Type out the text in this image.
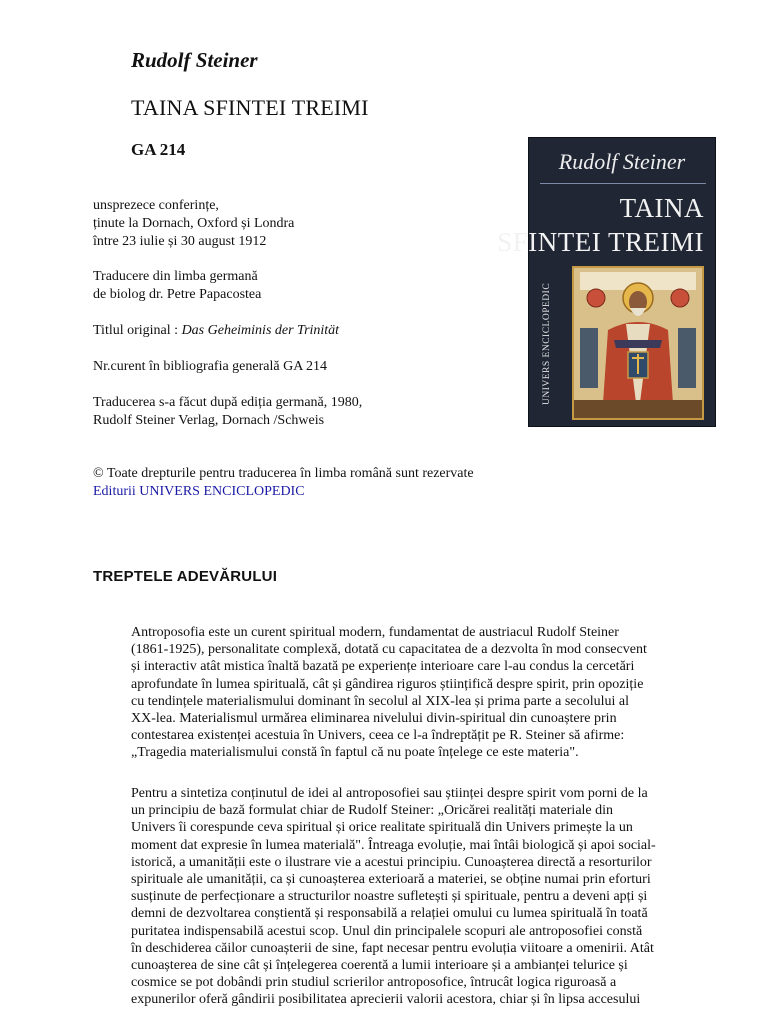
Rudolf Steiner
TAINA SFINTEI TREIMI
GA 214
unsprezece conferințe,
ținute la Dornach, Oxford și Londra
între 23 iulie și 30 august 1912
Traducere din limba germană
de biolog dr. Petre Papacostea
Titlul original : Das Geheiminis der Trinität
Nr.curent în bibliografia generală GA 214
Traducerea s-a făcut după ediția germană, 1980,
Rudolf Steiner Verlag, Dornach /Schweis
© Toate drepturile pentru traducerea în limba română sunt rezervate
Editurii UNIVERS ENCICLOPEDIC
Rudolf Steiner
TAINA
SFINTEI TREIMI
UNIVERS ENCICLOPEDIC
TREPTELE ADEVĂRULUI
Antroposofia este un curent spiritual modern, fundamentat de austriacul Rudolf Steiner
(1861-1925), personalitate complexă, dotată cu capacitatea de a dezvolta în mod consecvent
și interactiv atât mistica înaltă bazată pe experiențe interioare care l-au condus la cercetări
aprofundate în lumea spirituală, cât și gândirea riguros științifică despre spirit, prin opoziție
cu tendințele materialismului dominant în secolul al XIX-lea și prima parte a secolului al
XX-lea. Materialismul urmărea eliminarea nivelului divin-spiritual din cunoaștere prin
contestarea existenței acestuia în Univers, ceea ce l-a îndreptățit pe R. Steiner să afirme:
„Tragedia materialismului constă în faptul că nu poate înțelege ce este materia".
Pentru a sintetiza conținutul de idei al antroposofiei sau științei despre spirit vom porni de la
un principiu de bază formulat chiar de Rudolf Steiner: „Oricărei realități materiale din
Univers îi corespunde ceva spiritual și orice realitate spirituală din Univers primește la un
moment dat expresie în lumea materială". Întreaga evoluție, mai întâi biologică și apoi social-
istorică, a umanității este o ilustrare vie a acestui principiu. Cunoașterea directă a resorturilor
spirituale ale umanității, ca și cunoașterea exterioară a materiei, se obține numai prin eforturi
susținute de perfecționare a structurilor noastre sufletești și spirituale, pentru a deveni apți și
demni de dezvoltarea conștientă și responsabilă a relației omului cu lumea spirituală în toată
puritatea indispensabilă acestui scop. Unul din principalele scopuri ale antroposofiei constă
în deschiderea căilor cunoașterii de sine, fapt necesar pentru evoluția viitoare a omenirii. Atât
cunoașterea de sine cât și înțelegerea coerentă a lumii interioare și a ambianței telurice și
cosmice se pot dobândi prin studiul scrierilor antroposofice, întrucât logica riguroasă a
expunerilor oferă gândirii posibilitatea aprecierii valorii acestora, chiar și în lipsa accesului
